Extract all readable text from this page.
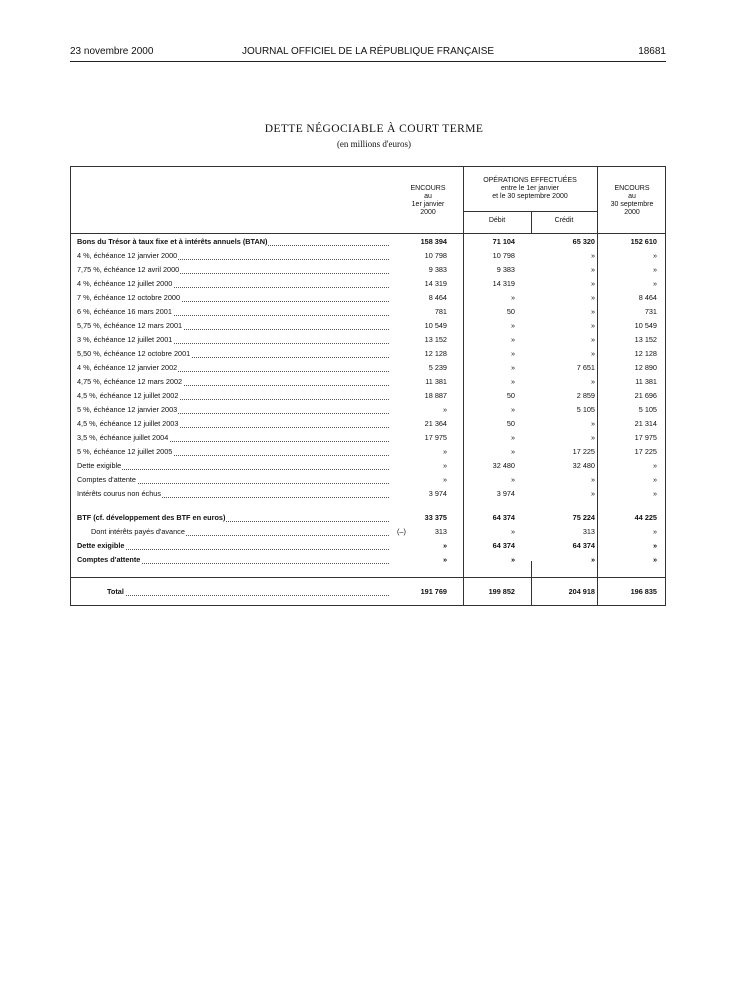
23 novembre 2000	JOURNAL OFFICIEL DE LA RÉPUBLIQUE FRANÇAISE	18681
DETTE NÉGOCIABLE À COURT TERME
(en millions d'euros)
ENCOURS
au
1er janvier
2000
OPÉRATIONS EFFECTUÉES
entre le 1er janvier
et le 30 septembre 2000
Débit	Crédit
ENCOURS
au
30 septembre
2000
Bons du Trésor à taux fixe et à intérêts annuels (BTAN)	158 394	71 104	65 320	152 610
4 %, échéance 12 janvier 2000	10 798	10 798	»	»
7,75 %, échéance 12 avril 2000	9 383	9 383	»	»
4 %, échéance 12 juillet 2000	14 319	14 319	»	»
7 %, échéance 12 octobre 2000	8 464	»	»	8 464
6 %, échéance 16 mars 2001	781	50	»	731
5,75 %, échéance 12 mars 2001	10 549	»	»	10 549
3 %, échéance 12 juillet 2001	13 152	»	»	13 152
5,50 %, échéance 12 octobre 2001	12 128	»	»	12 128
4 %, échéance 12 janvier 2002	5 239	»	7 651	12 890
4,75 %, échéance 12 mars 2002	11 381	»	»	11 381
4,5 %, échéance 12 juillet 2002	18 887	50	2 859	21 696
5 %, échéance 12 janvier 2003	»	»	5 105	5 105
4,5 %, échéance 12 juillet 2003	21 364	50	»	21 314
3,5 %, échéance juillet 2004	17 975	»	»	17 975
5 %, échéance 12 juillet 2005	»	»	17 225	17 225
Dette exigible	»	32 480	32 480	»
Comptes d'attente	»	»	»	»
Intérêts courus non échus	3 974	3 974	»	»
BTF (cf. développement des BTF en euros)	33 375	64 374	75 224	44 225
Dont intérêts payés d'avance	(–)	313	»	313	»
Dette exigible	»	64 374	64 374	»
Comptes d'attente	»	»	»	»
Total	191 769	199 852	204 918	196 835
